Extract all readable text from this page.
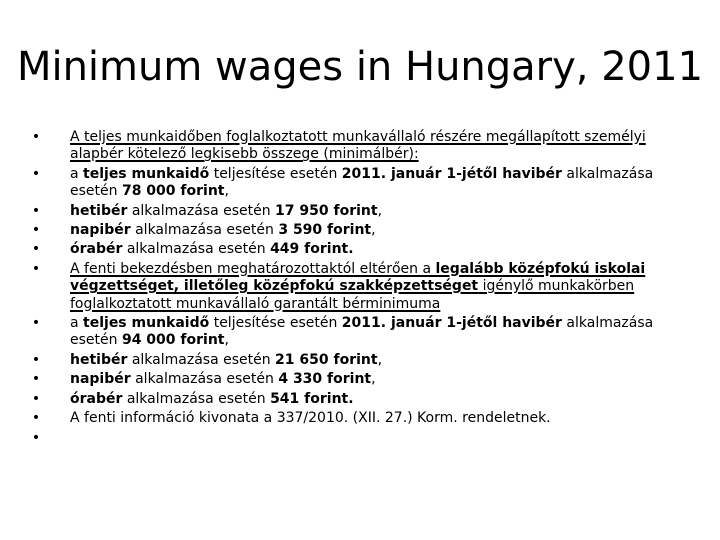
Minimum wages in Hungary, 2011
• A teljes munkaidőben foglalkoztatott munkavállaló részére megállapított személyi alapbér kötelező legkisebb összege (minimálbér):
• a teljes munkaidő teljesítése esetén 2011. január 1-jétől havibér alkalmazása esetén 78 000 forint,
• hetibér alkalmazása esetén 17 950 forint,
• napibér alkalmazása esetén 3 590 forint,
• órabér alkalmazása esetén 449 forint.
• A fenti bekezdésben meghatározottaktól eltérően a legalább középfokú iskolai végzettséget, illetőleg középfokú szakképzettséget igénylő munkakörben foglalkoztatott munkavállaló garantált bérminimuma
• a teljes munkaidő teljesítése esetén 2011. január 1-jétől havibér alkalmazása esetén 94 000 forint,
• hetibér alkalmazása esetén 21 650 forint,
• napibér alkalmazása esetén 4 330 forint,
• órabér alkalmazása esetén 541 forint.
• A fenti információ kivonata a 337/2010. (XII. 27.) Korm. rendeletnek.
•
